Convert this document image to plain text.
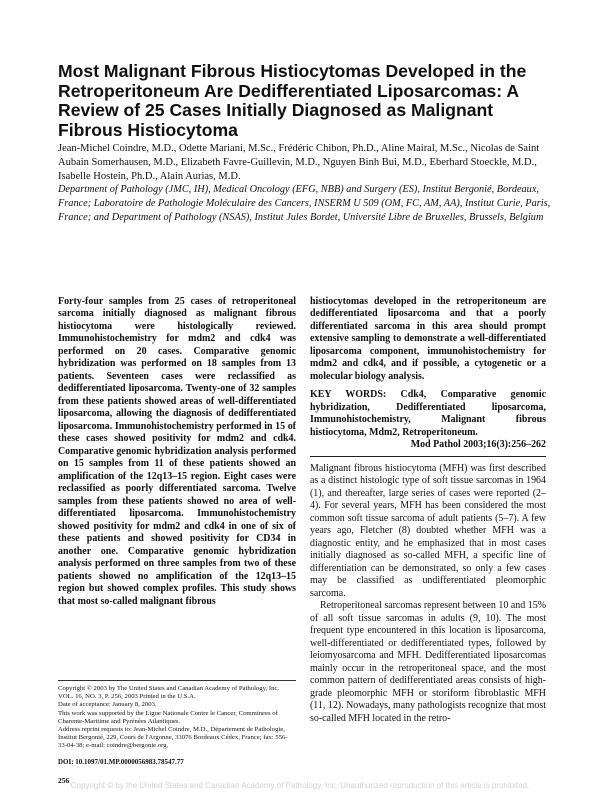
Most Malignant Fibrous Histiocytomas Developed in the Retroperitoneum Are Dedifferentiated Liposarcomas: A Review of 25 Cases Initially Diagnosed as Malignant Fibrous Histiocytoma
Jean-Michel Coindre, M.D., Odette Mariani, M.Sc., Frédéric Chibon, Ph.D., Aline Mairal, M.Sc., Nicolas de Saint Aubain Somerhausen, M.D., Elizabeth Favre-Guillevin, M.D., Nguyen Binh Bui, M.D., Eberhard Stoeckle, M.D., Isabelle Hostein, Ph.D., Alain Aurias, M.D.
Department of Pathology (JMC, IH), Medical Oncology (EFG, NBB) and Surgery (ES), Institut Bergonié, Bordeaux, France; Laboratoire de Pathologie Moléculaire des Cancers, INSERM U 509 (OM, FC, AM, AA), Institut Curie, Paris, France; and Department of Pathology (NSAS), Institut Jules Bordet, Université Libre de Bruxelles, Brussels, Belgium
Forty-four samples from 25 cases of retroperitoneal sarcoma initially diagnosed as malignant fibrous histiocytoma were histologically reviewed. Immunohistochemistry for mdm2 and cdk4 was performed on 20 cases. Comparative genomic hybridization was performed on 18 samples from 13 patients. Seventeen cases were reclassified as dedifferentiated liposarcoma. Twenty-one of 32 samples from these patients showed areas of well-differentiated liposarcoma, allowing the diagnosis of dedifferentiated liposarcoma. Immunohistochemistry performed in 15 of these cases showed positivity for mdm2 and cdk4. Comparative genomic hybridization analysis performed on 15 samples from 11 of these patients showed an amplification of the 12q13–15 region. Eight cases were reclassified as poorly differentiated sarcoma. Twelve samples from these patients showed no area of well-differentiated liposarcoma. Immunohistochemistry showed positivity for mdm2 and cdk4 in one of six of these patients and showed positivity for CD34 in another one. Comparative genomic hybridization analysis performed on three samples from two of these patients showed no amplification of the 12q13–15 region but showed complex profiles. This study shows that most so-called malignant fibrous
histiocytomas developed in the retroperitoneum are dedifferentiated liposarcoma and that a poorly differentiated sarcoma in this area should prompt extensive sampling to demonstrate a well-differentiated liposarcoma component, immunohistochemistry for mdm2 and cdk4, and if possible, a cytogenetic or a molecular biology analysis.
KEY WORDS: Cdk4, Comparative genomic hybridization, Dedifferentiated liposarcoma, Immunohistochemistry, Malignant fibrous histiocytoma, Mdm2, Retroperitoneum.
Mod Pathol 2003;16(3):256–262

Malignant fibrous histiocytoma (MFH) was first described as a distinct histologic type of soft tissue sarcomas in 1964 (1), and thereafter, large series of cases were reported (2–4). For several years, MFH has been considered the most common soft tissue sarcoma of adult patients (5–7). A few years ago, Fletcher (8) doubted whether MFH was a diagnostic entity, and he emphasized that in most cases initially diagnosed as so-called MFH, a specific line of differentiation can be demonstrated, so only a few cases may be classified as undifferentiated pleomorphic sarcoma.

Retroperitoneal sarcomas represent between 10 and 15% of all soft tissue sarcomas in adults (9, 10). The most frequent type encountered in this location is liposarcoma, well-differentiated or dedifferentiated types, followed by leiomyosarcoma and MFH. Dedifferentiated liposarcomas mainly occur in the retroperitoneal space, and the most common pattern of dedifferentiated areas consists of high-grade pleomorphic MFH or storiform fibroblastic MFH (11, 12). Nowadays, many pathologists recognize that most so-called MFH located in the retro-

Copyright © 2003 by The United States and Canadian Academy of Pathology, Inc.
VOL. 16, NO. 3, P. 256, 2003 Printed in the U.S.A.
Date of acceptance: January 8, 2003.
This work was supported by the Ligue Nationale Contre le Cancer, Comminees of Charente-Maritime and Pyrénées Atlantiques.
Address reprint requests to: Jean-Michel Coindre, M.D., Département de Pathologie, Institut Bergonié, 229, Cours de l'Argonne, 33076 Bordeaux Cédex, France; fax: 556-33-04-38; e-mail: coindre@bergonie.org.
DOI: 10.1097/01.MP.0000056983.78547.77
256
Copyright © by the United States and Canadian Academy of Pathology, Inc. Unauthorized reproduction of this article is prohibited.
